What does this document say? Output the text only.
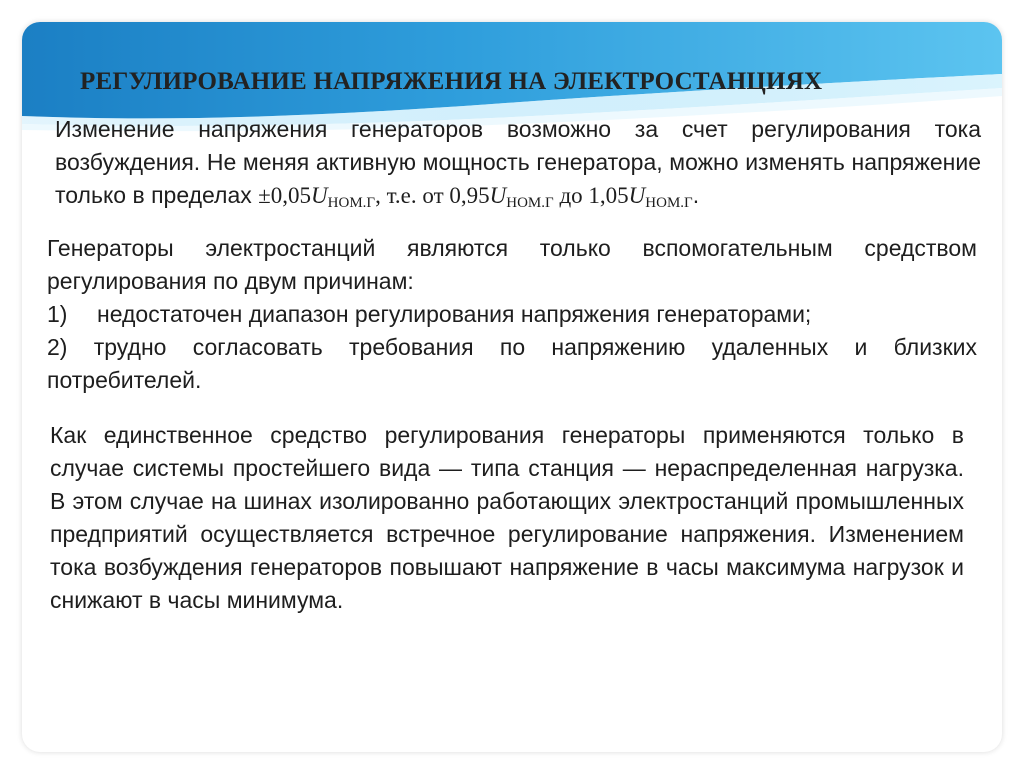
РЕГУЛИРОВАНИЕ НАПРЯЖЕНИЯ НА ЭЛЕКТРОСТАНЦИЯХ
Изменение напряжения генераторов возможно за счет регулирования тока возбуждения. Не меняя активную мощность генератора, можно изменять напряжение только в пределах $\pm 0,05U_{НОМ.Г}$, т.е. от $0,95U_{НОМ.Г}$ до $1,05U_{НОМ.Г}$.
Генераторы электростанций являются только вспомогательным средством регулирования по двум причинам:
1) недостаточен диапазон регулирования напряжения генераторами;
2) трудно согласовать требования по напряжению удаленных и близких потребителей.
Как единственное средство регулирования генераторы применяются только в случае системы простейшего вида — типа станция — нераспределенная нагрузка. В этом случае на шинах изолированно работающих электростанций промышленных предприятий осуществляется встречное регулирование напряжения. Изменением тока возбуждения генераторов повышают напряжение в часы максимума нагрузок и снижают в часы минимума.
